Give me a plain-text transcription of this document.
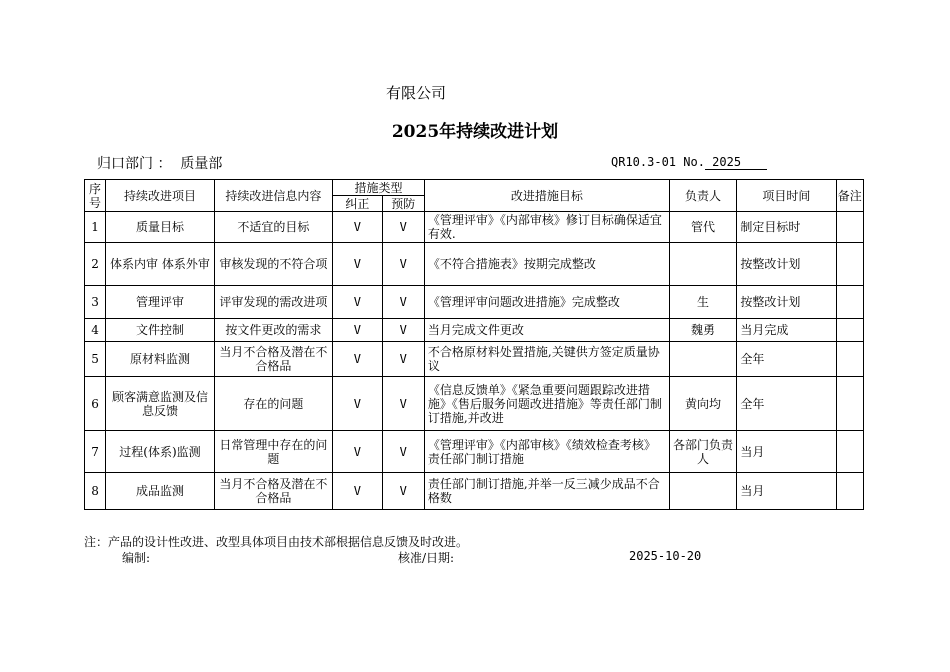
有限公司
2025年持续改进计划
归口部门 ： 质量部	QR10.3-01 No. 2025
序号	持续改进项目	持续改进信息内容	措施类型		改进措施目标	负责人	项目时间	备注
			纠正	预防				
1	质量目标	不适宜的目标	V	V	《管理评审》《内部审核》修订目标确保适宜有效.	管代	制定目标时	
2	体系内审 体系外审	审核发现的不符合项	V	V	《不符合措施表》按期完成整改		按整改计划	
3	管理评审	评审发现的需改进项	V	V	《管理评审问题改进措施》完成整改	生	按整改计划	
4	文件控制	按文件更改的需求	V	V	当月完成文件更改	魏勇	当月完成	
5	原材料监测	当月不合格及潜在不合格品	V	V	不合格原材料处置措施,关键供方签定质量协议		全年	
6	顾客满意监测及信息反馈	存在的问题	V	V	《信息反馈单》《紧急重要问题跟踪改进措施》《售后服务问题改进措施》等责任部门制订措施,并改进	黄向均	全年	
7	过程(体系)监测	日常管理中存在的问题	V	V	《管理评审》《内部审核》《绩效检查考核》责任部门制订措施	各部门负责人	当月	
8	成品监测	当月不合格及潜在不合格品	V	V	责任部门制订措施,并举一反三减少成品不合格数		当月	
注：产品的设计性改进、改型具体项目由技术部根据信息反馈及时改进。
编制:	核准/日期:	2025-10-20
